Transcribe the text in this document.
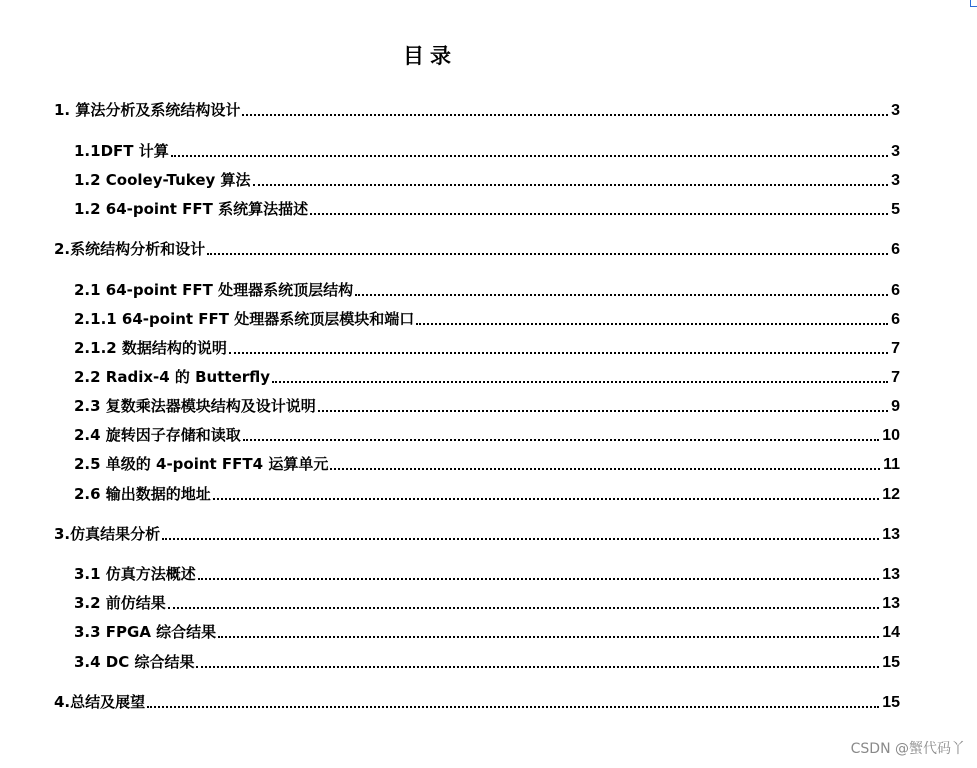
目录
1. 算法分析及系统结构设计	3
1.1DFT 计算	3
1.2 Cooley-Tukey 算法	3
1.2 64-point FFT 系统算法描述	5
2.系统结构分析和设计	6
2.1 64-point FFT 处理器系统顶层结构	6
2.1.1 64-point FFT 处理器系统顶层模块和端口	6
2.1.2 数据结构的说明	7
2.2 Radix-4 的 Butterfly	7
2.3 复数乘法器模块结构及设计说明	9
2.4 旋转因子存储和读取	10
2.5 单级的 4-point FFT4 运算单元	11
2.6 输出数据的地址	12
3.仿真结果分析	13
3.1 仿真方法概述	13
3.2 前仿结果	13
3.3 FPGA 综合结果	14
3.4 DC 综合结果	15
4.总结及展望	15
CSDN @蟹代码丫
